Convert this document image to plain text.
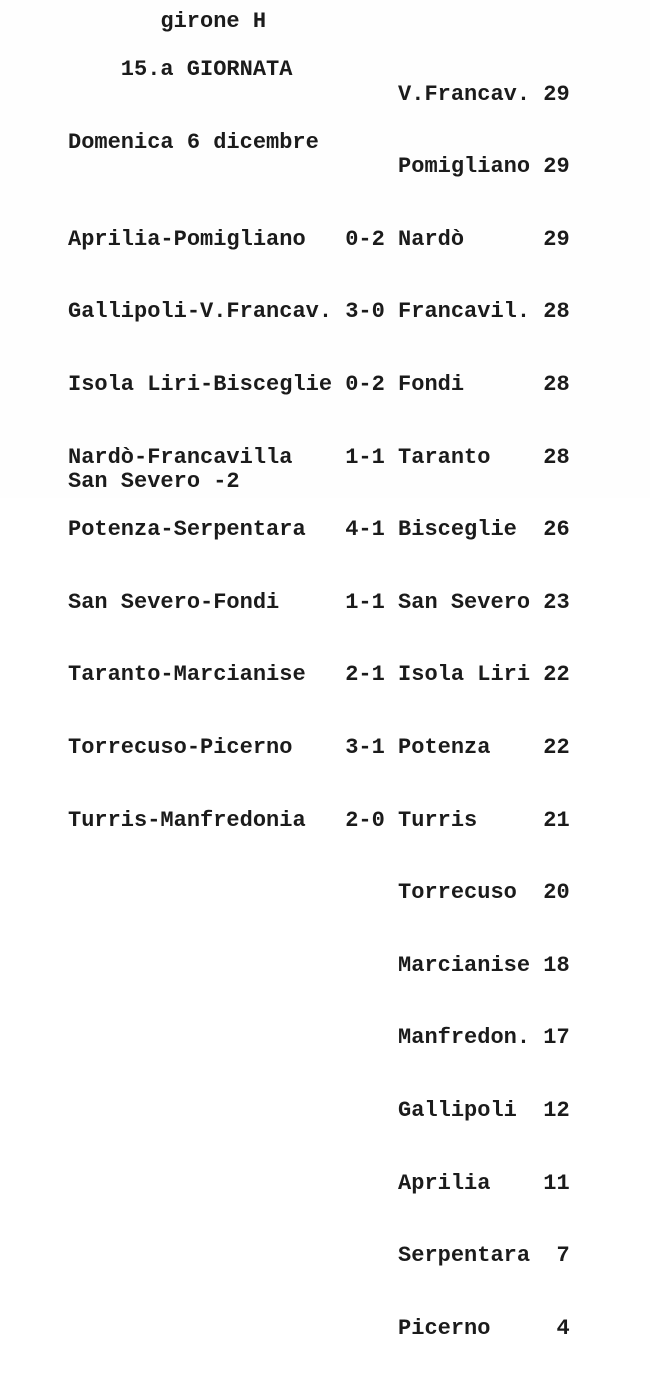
girone H

15.a GIORNATA

Domenica 6 dicembre

Aprilia-Pomigliano 0-2

Gallipoli-V.Francav. 3-0

Isola Liri-Bisceglie 0-2

Nardò-Francavilla 1-1

Potenza-Serpentara 4-1

San Severo-Fondi	1-1

Taranto-Marcianise 2-1

Torrecuso-Picerno 3-1

Turris-Manfredonia 2-0

V.Francav. 29

Pomigliano 29

Nardò	29

Francavil. 28

Fondi	28

Taranto 28

Bisceglie 26

San Severo 23

Isola Liri 22

Potenza 22

Turris	21

Torrecuso 20

Marcianise 18

Manfredon. 17

Gallipoli 12

Aprilia 11

Serpentara 7

Picerno	4

San Severo -2
